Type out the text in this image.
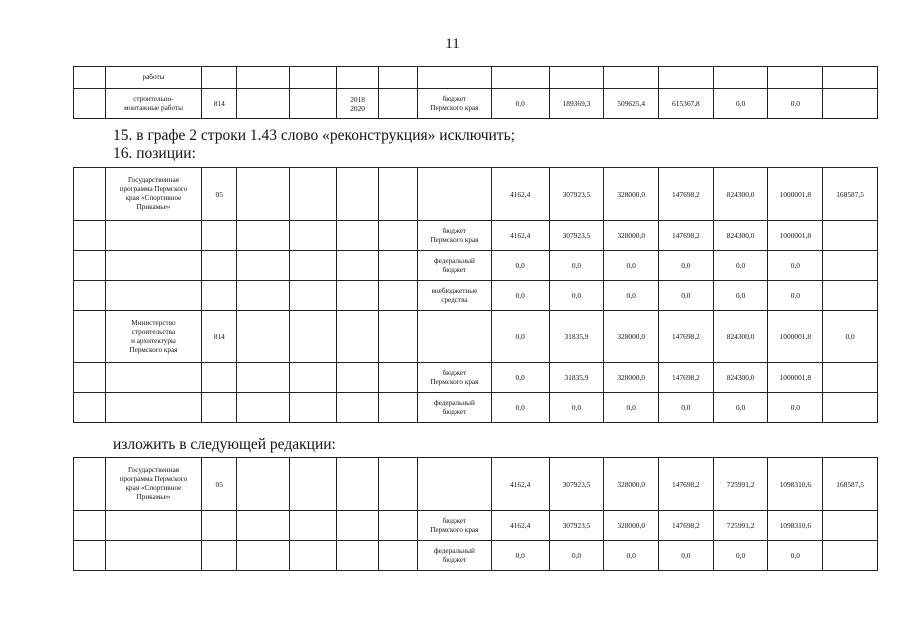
11
	работы													
	строительно-
монтажные работы	814			2018
2020		бюджет
Пермского края	0,0	189369,3	509625,4	615367,8	0,0	0,0	
15. в графе 2 строки 1.43 слово «реконструкция» исключить;
16. позиции:
	Государственная
программа Пермского
края «Спортивное
Прикамье»	05						4162,4	307923,5	328000,0	147698,2	824300,0	1000001,8	168587,5
							бюджет
Пермского края	4162,4	307923,5	328000,0	147698,2	824300,0	1000001,8	
							федеральный
бюджет	0,0	0,0	0,0	0,0	0,0	0,0	
							внебюджетные
средства	0,0	0,0	0,0	0,0	0,0	0,0	
	Министерство
строительства
и архитектуры
Пермского края	814						0,0	31835,9	328000,0	147698,2	824300,0	1000001,8	0,0
							бюджет
Пермского края	0,0	31835,9	328000,0	147698,2	824300,0	1000001,8	
							федеральный
бюджет	0,0	0,0	0,0	0,0	0,0	0,0	
изложить в следующей редакции:
	Государственная
программа Пермского
края «Спортивное
Прикамье»	05						4162,4	307923,5	328000,0	147698,2	725991,2	1098310,6	168587,5
							бюджет
Пермского края	4162,4	307923,5	328000,0	147698,2	725991,2	1098310,6	
							федеральный
бюджет	0,0	0,0	0,0	0,0	0,0	0,0	
